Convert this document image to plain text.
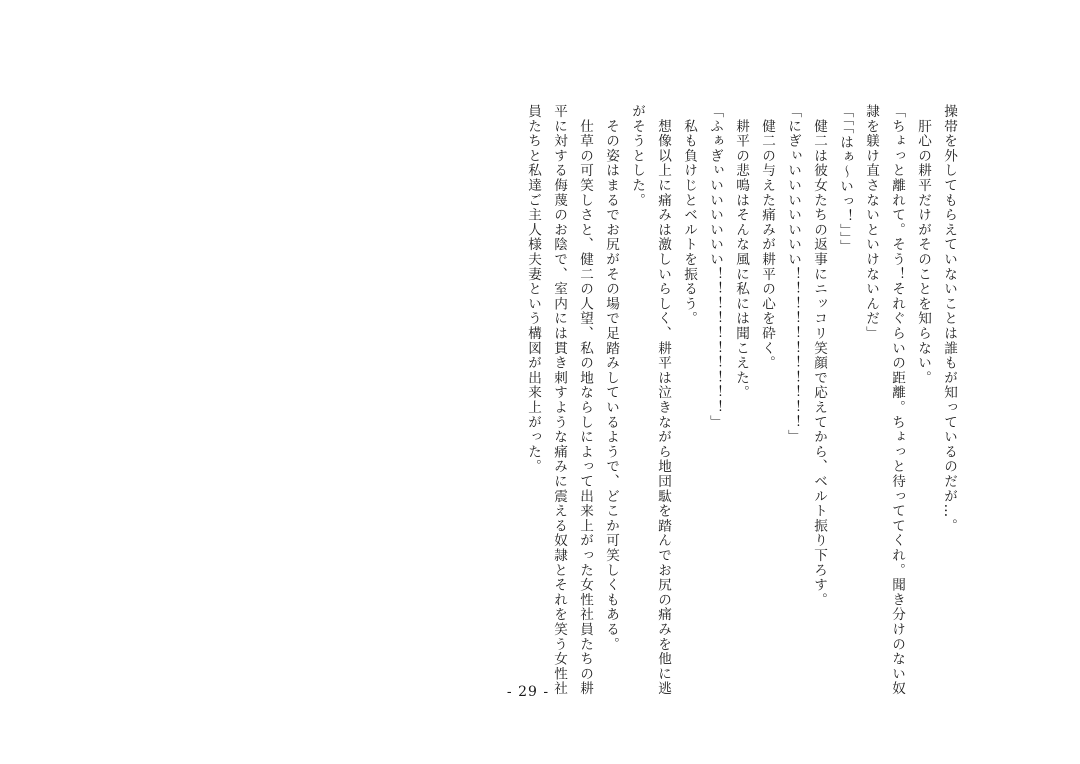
操帯を外してもらえていないことは誰もが知っているのだが…。
　肝心の耕平だけがそのことを知らない。
「ちょっと離れて。そう！それぐらいの距離。ちょっと待っててくれ。聞き分けのない奴
隷を躾け直さないといけないんだ」
「「「はぁ〜いっ！」」」
　健二は彼女たちの返事にニッコリ笑顔で応えてから、ベルト振り下ろす。
「にぎぃいいいいいいい！！！！！！！！！！！」
　健二の与えた痛みが耕平の心を砕く。
　耕平の悲鳴はそんな風に私には聞こえた。
「ふぁぎぃいいいいいい！！！！！！！！！！」
　私も負けじとベルトを振るう。
　想像以上に痛みは激しいらしく、耕平は泣きながら地団駄を踏んでお尻の痛みを他に逃
がそうとした。
　その姿はまるでお尻がその場で足踏みしているようで、どこか可笑しくもある。
　仕草の可笑しさと、健二の人望、私の地ならしによって出来上がった女性社員たちの耕
平に対する侮蔑のお陰で、室内には貫き刺すような痛みに震える奴隷とそれを笑う女性社
員たちと私達ご主人様夫妻という構図が出来上がった。
- 29 -
